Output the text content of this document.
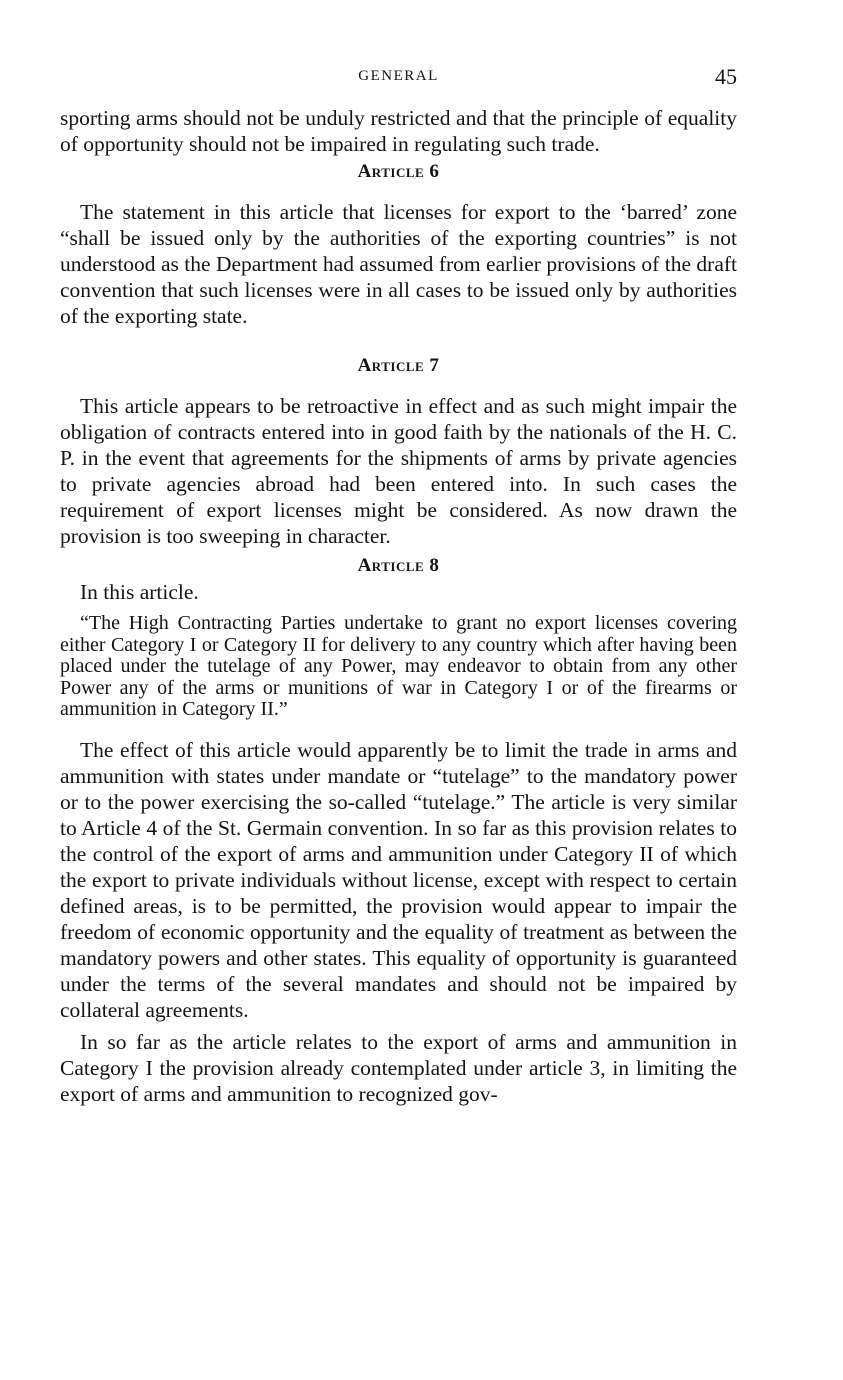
GENERAL	45

sporting arms should not be unduly restricted and that the principle of equality of opportunity should not be impaired in regulating such trade.

Article 6

The statement in this article that licenses for export to the ‘barred’ zone “shall be issued only by the authorities of the exporting countries” is not understood as the Department had assumed from earlier provisions of the draft convention that such licenses were in all cases to be issued only by authorities of the exporting state.

Article 7

This article appears to be retroactive in effect and as such might impair the obligation of contracts entered into in good faith by the nationals of the H. C. P. in the event that agreements for the shipments of arms by private agencies to private agencies abroad had been entered into. In such cases the requirement of export licenses might be considered. As now drawn the provision is too sweeping in character.

Article 8

In this article.

“The High Contracting Parties undertake to grant no export licenses covering either Category I or Category II for delivery to any country which after having been placed under the tutelage of any Power, may endeavor to obtain from any other Power any of the arms or munitions of war in Category I or of the firearms or ammunition in Category II.”

The effect of this article would apparently be to limit the trade in arms and ammunition with states under mandate or “tutelage” to the mandatory power or to the power exercising the so-called “tutelage.” The article is very similar to Article 4 of the St. Germain convention. In so far as this provision relates to the control of the export of arms and ammunition under Category II of which the export to private individuals without license, except with respect to certain defined areas, is to be permitted, the provision would appear to impair the freedom of economic opportunity and the equality of treatment as between the mandatory powers and other states. This equality of opportunity is guaranteed under the terms of the several mandates and should not be impaired by collateral agreements.

In so far as the article relates to the export of arms and ammunition in Category I the provision already contemplated under article 3, in limiting the export of arms and ammunition to recognized gov-
